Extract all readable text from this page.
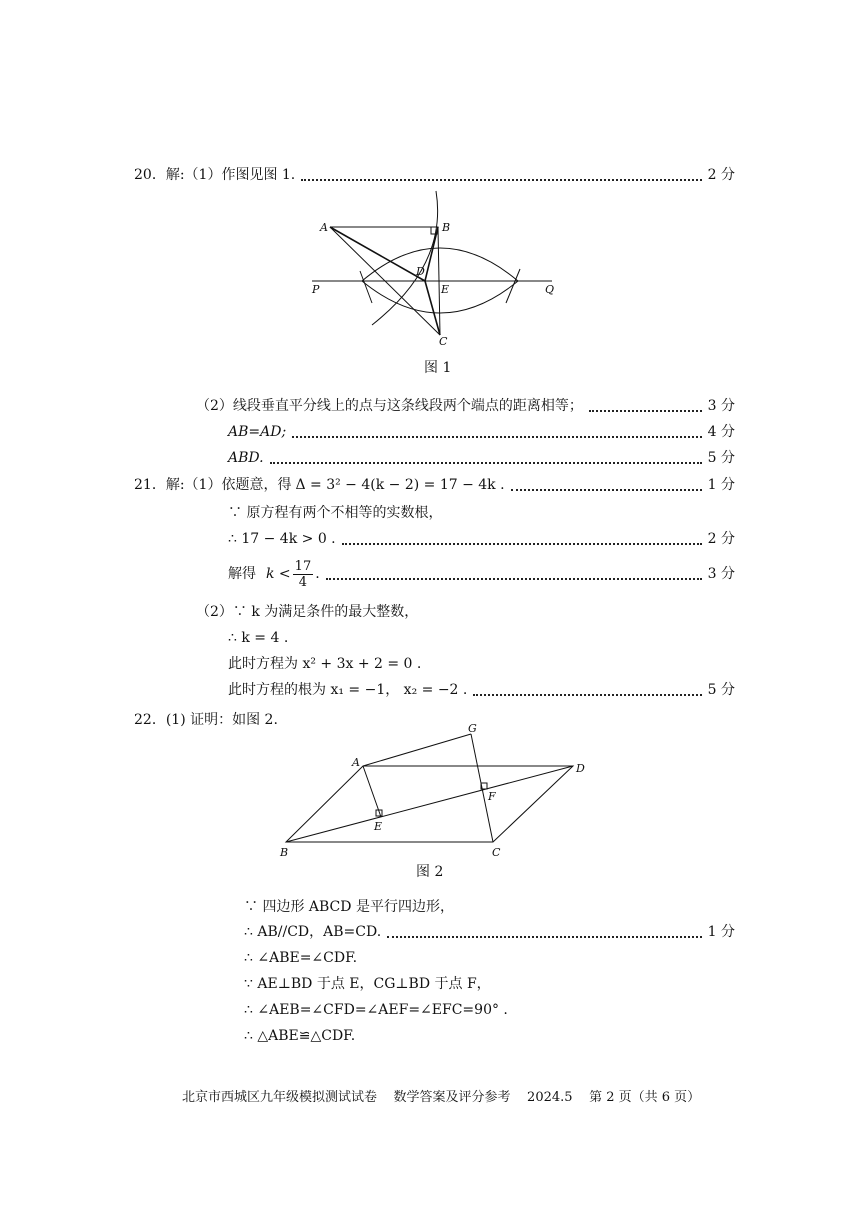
20． 解:（1）作图见图 1.	2 分
A	B
D
E
C
P	Q
图 1
（2）线段垂直平分线上的点与这条线段两个端点的距离相等；	3 分
AB=AD;	4 分
ABD.	5 分
21． 解:（1）依题意，得 Δ = 3² − 4(k − 2) = 17 − 4k .	1 分
∵ 原方程有两个不相等的实数根，
∴ 17 − 4k > 0 .	2 分
解得 $k < \frac{17}{4}$ .	3 分
（2）∵ k 为满足条件的最大整数，
∴ k = 4 .
此时方程为 x² + 3x + 2 = 0 .
此时方程的根为 x₁ = −1， x₂ = −2 .	5 分
22． (1) 证明：如图 2.
A
G
D
F
E
B	C
图 2
∵ 四边形 ABCD 是平行四边形，
∴ AB//CD，AB=CD.	1 分
∴ ∠ABE=∠CDF.
∵ AE⊥BD 于点 E，CG⊥BD 于点 F，
∴ ∠AEB=∠CFD=∠AEF=∠EFC=90° .
∴ △ABE≌△CDF.
北京市西城区九年级模拟测试试卷    数学答案及评分参考    2024.5    第 2 页（共 6 页）
